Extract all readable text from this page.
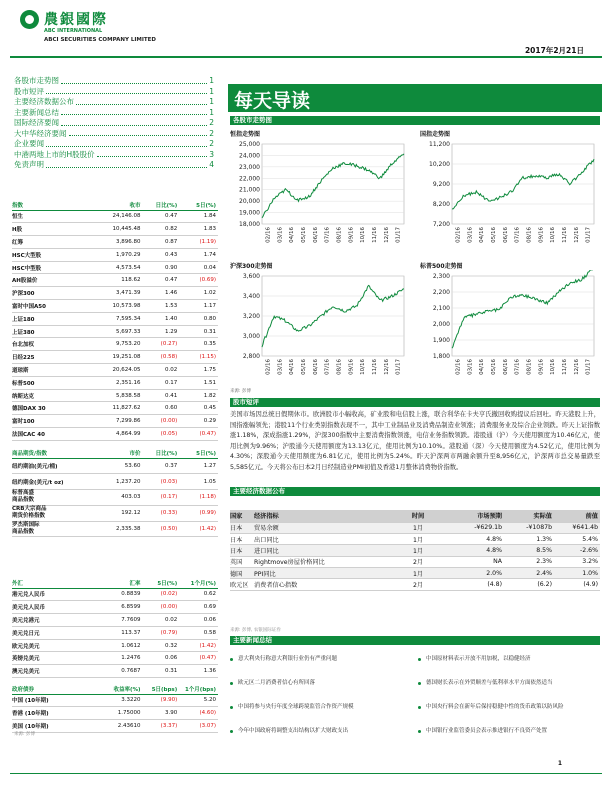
農銀國際
ABC INTERNATIONAL
ABCI SECURITIES COMPANY LIMITED
2017年2月21日
各股市走势图	1
股市短评	1
主要经济数据公布	1
主要新闻总结	1
国际经济要闻	2
大中华经济要闻	2
企业要闻	2
中港两地上市的H股股价	3
免责声明	4
指数	收市	日比(%)	5日(%)
恒生	24,146.08	0.47	1.84
H股	10,445.48	0.82	1.83
红筹	3,896.80	0.87	(1.19)
HSC大型股	1,970.29	0.43	1.74
HSC中型股	4,573.54	0.90	0.04
AH股溢价	118.62	0.47	(0.69)
沪深300	3,471.39	1.46	1.02
富时中国A50	10,573.98	1.53	1.17
上证180	7,595.34	1.40	0.80
上证380	5,697.33	1.29	0.31
台北加权	9,753.20	(0.27)	0.35
日经225	19,251.08	(0.58)	(1.15)
道琼斯	20,624.05	0.02	1.75
标普500	2,351.16	0.17	1.51
纳斯达克	5,838.58	0.41	1.82
德国DAX 30	11,827.62	0.60	0.45
富时100	7,299.86	(0.00)	0.29
法国CAC 40	4,864.99	(0.05)	(0.47)
商品期货/指数	市价	日比(%)	5日(%)
纽约期油(美元/桶)	53.60	0.37	1.27
纽约期金(美元/t oz)	1,237.20	(0.03)	1.05
标普高盛
商品指数	403.03	(0.17)	(1.18)
CRB大宗商品
期货价格指数	192.12	(0.33)	(0.99)
罗杰斯国际
商品指数	2,335.38	(0.50)	(1.42)
外汇	汇率	5日(%)	1个月(%)
港元兑人民币	0.8839	(0.02)	0.62
美元兑人民币	6.8599	(0.00)	0.69
美元兑港元	7.7609	0.02	0.06
美元兑日元	113.37	(0.79)	0.58
欧元兑美元	1.0612	0.32	(1.42)
英镑兑美元	1.2476	0.06	(0.47)
澳元兑美元	0.7687	0.31	1.36
政府债券	收益率(%)	5日(bps)	1个月(bps)
中国 (10年期)	3.3220	(9.90)	5.20
香港 (10年期)	1.75000	3.90	(4.60)
美国 (10年期)	2.43610	(3.37)	(3.07)
来源: 彭博
每天导读
各股市走势图
恒指走势图	国指走势图
25,000
24,000
23,000
22,000
21,000
20,000
19,000
18,000
02/16 03/16 04/16 05/16 06/16 07/16 08/16 09/16 10/16 11/16 12/16 01/17
11,200
10,200
9,200
8,200
7,200
02/16 03/16 04/16 05/16 06/16 07/16 08/16 09/16 10/16 11/16 12/16 01/17
沪深300走势图	标普500走势图
3,600
3,400
3,200
3,000
2,800
02/16 03/16 04/16 05/16 06/16 07/16 08/16 09/16 10/16 11/16 12/16 01/17
2,300
2,200
2,100
2,000
1,900
1,800
02/16 03/16 04/16 05/16 06/16 07/16 08/16 09/16 10/16 11/16 12/16 01/17
来源: 彭博
股市短评
美国市场因总统日假期休市。欧洲股市小幅收高，矿业股和电信股上涨，联合利华在卡夫亨氏撤回收购提议后回吐。昨天港股上升，国指涨幅领先；港股11个行业类别指数表现不一，其中工业制品业及消费品制造业领涨；消费服务业及综合企业领跌。昨天上证指数涨1.18%，深成指涨1.29%，沪深300指数中主要消费指数领涨，电信业务指数领跌。港股通（沪）今天使用额度为10.46亿元，使用比例为9.96%；沪股通今天使用额度为13.13亿元，使用比例为10.10%。港股通（深）今天使用额度为4.52亿元，使用比例为4.30%；深股通今天使用额度为6.81亿元，使用比例为5.24%。昨天沪深两市两融余额升至8,956亿元，沪深两市总交易量跌至5,585亿元。今天将公布日本2月日经制造业PMI初值及香港1月整体消费物价指数。
主要经济数据公布
国家	经济指标	时间	市场预期	实际值	前值
日本	贸易余额	1月	-¥629.1b	-¥1087b	¥641.4b
日本	出口同比	1月	4.8%	1.3%	5.4%
日本	进口同比	1月	4.8%	8.5%	-2.6%
英国	Rightmove房屋价格同比	2月	NA	2.3%	3.2%
德国	PPI同比	1月	2.0%	2.4%	1.0%
欧元区	消费者信心指数	2月	(4.8)	(6.2)	(4.9)
来源: 彭博, 农银国际证券
主要新闻总结
意大利央行称意大利银行业仍有严重问题	中国原材料表示开放不用加税，以稳健经济
欧元区二月消费者信心有所回落	德国财长表示在外贸顺差与低利率水平方面依然适当
中国将参与央行年度全球跨境监管合作资产规模	中国央行料会在新年后保持稳健中性的货币政策以防风险
今年中国政府将调整支出结构以扩大财政支出	中国银行业监管委员会表示推进银行不良资产处置
1
